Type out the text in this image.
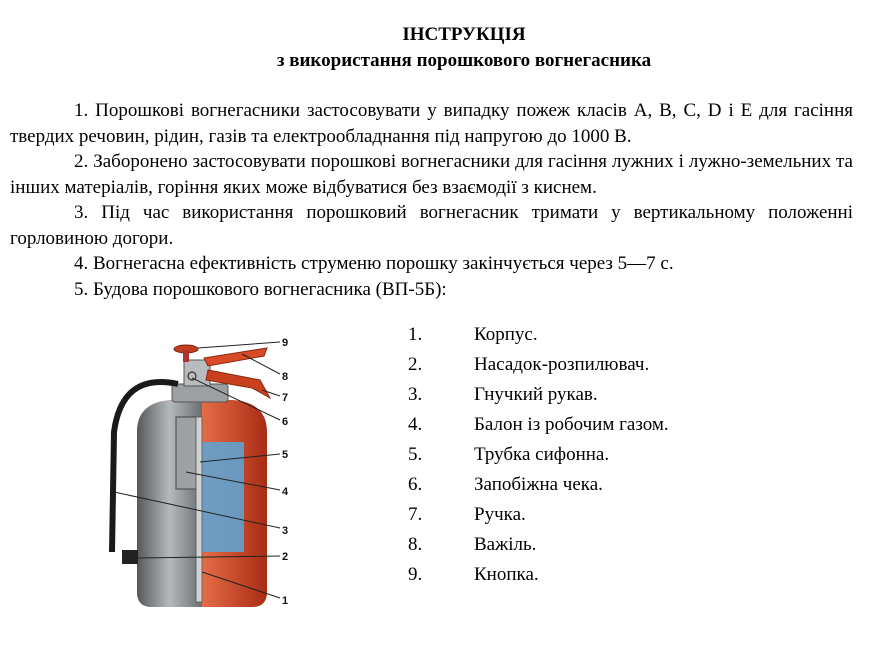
ІНСТРУКЦІЯ
з використання порошкового вогнегасника

1. Порошкові вогнегасники застосовувати у випадку пожеж класів A, B, C, D і E для гасіння твердих речовин, рідин, газів та електрообладнання під напругою до 1000 В.

2. Заборонено застосовувати порошкові вогнегасники для гасіння лужних і лужно-земельних та інших матеріалів, горіння яких може відбуватися без взаємодії з киснем.

3. Під час використання порошковий вогнегасник тримати у вертикальному положенні горловиною догори.

4. Вогнегасна ефективність струменю порошку закінчується через 5—7 с.

5. Будова порошкового вогнегасника (ВП-5Б):

9
8
7
6
5
4
3
2
1
1.	Корпус.
2.	Насадок-розпилювач.
3.	Гнучкий рукав.
4.	Балон із робочим газом.
5.	Трубка сифонна.
6.	Запобіжна чека.
7.	Ручка.
8.	Важіль.
9.	Кнопка.
